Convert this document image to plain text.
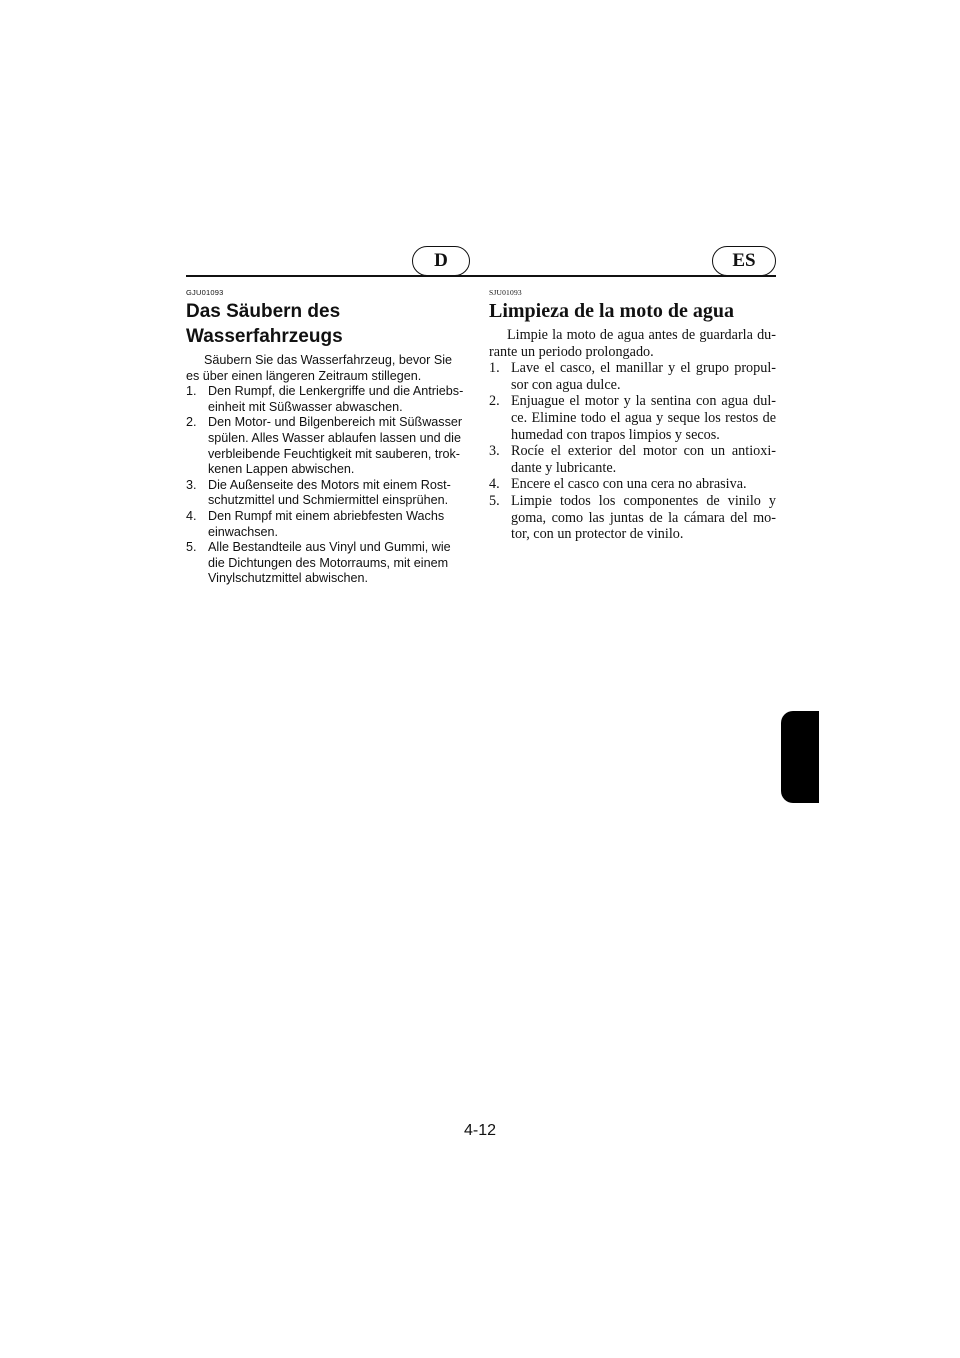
D	ES
GJU01093
Das Säubern des
Wasserfahrzeugs

Säubern Sie das Wasserfahrzeug, bevor Sie es über einen längeren Zeitraum stillegen.

1. Den Rumpf, die Lenkergriffe und die Antriebs-einheit mit Süßwasser abwaschen.
2. Den Motor- und Bilgenbereich mit Süßwasser spülen. Alles Wasser ablaufen lassen und die verbleibende Feuchtigkeit mit sauberen, trok-kenen Lappen abwischen.
3. Die Außenseite des Motors mit einem Rost-schutzmittel und Schmiermittel einsprühen.
4. Den Rumpf mit einem abriebfesten Wachs einwachsen.
5. Alle Bestandteile aus Vinyl und Gummi, wie die Dichtungen des Motorraums, mit einem Vinylschutzmittel abwischen.
SJU01093
Limpieza de la moto de agua

Limpie la moto de agua antes de guardarla du-rante un periodo prolongado.

1. Lave el casco, el manillar y el grupo propul-sor con agua dulce.
2. Enjuague el motor y la sentina con agua dul-ce. Elimine todo el agua y seque los restos de humedad con trapos limpios y secos.
3. Rocíe el exterior del motor con un antioxi-dante y lubricante.
4. Encere el casco con una cera no abrasiva.
5. Limpie todos los componentes de vinilo y goma, como las juntas de la cámara del mo-tor, con un protector de vinilo.
4-12
